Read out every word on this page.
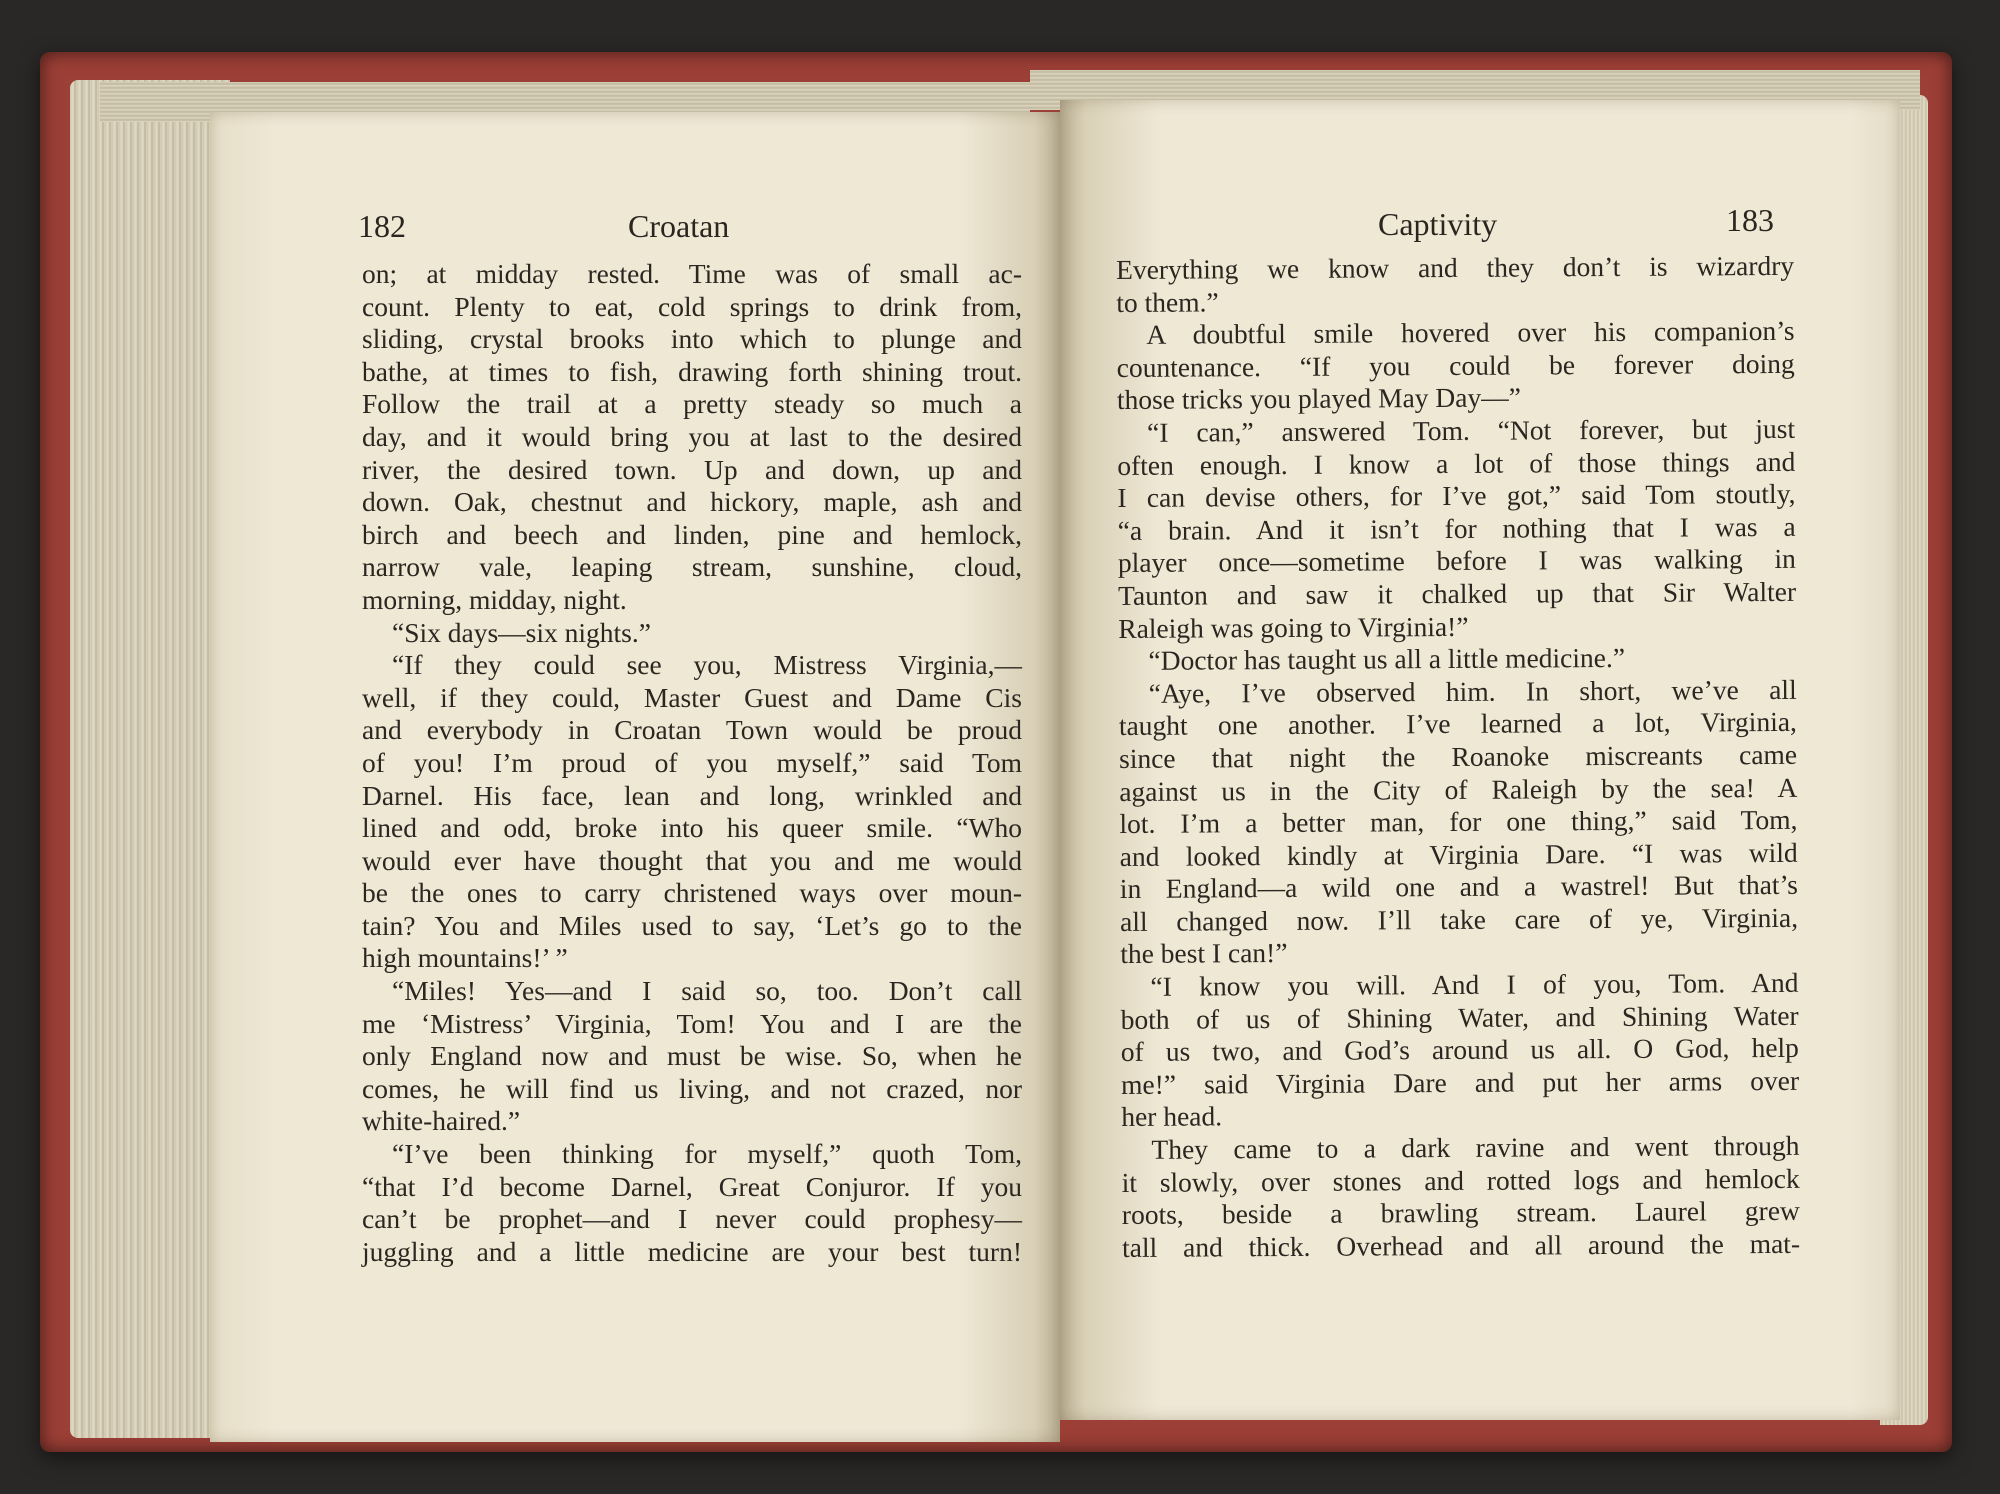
182	Croatan	Captivity	183
on; at midday rested. Time was of small ac-
count. Plenty to eat, cold springs to drink from,
sliding, crystal brooks into which to plunge and
bathe, at times to fish, drawing forth shining trout.
Follow the trail at a pretty steady so much a
day, and it would bring you at last to the desired
river, the desired town. Up and down, up and
down. Oak, chestnut and hickory, maple, ash and
birch and beech and linden, pine and hemlock,
narrow vale, leaping stream, sunshine, cloud,
morning, midday, night.
“Six days—six nights.”
“If they could see you, Mistress Virginia,—
well, if they could, Master Guest and Dame Cis
and everybody in Croatan Town would be proud
of you! I’m proud of you myself,” said Tom
Darnel. His face, lean and long, wrinkled and
lined and odd, broke into his queer smile. “Who
would ever have thought that you and me would
be the ones to carry christened ways over moun-
tain? You and Miles used to say, ‘Let’s go to the
high mountains!’ ”
“Miles! Yes—and I said so, too. Don’t call
me ‘Mistress’ Virginia, Tom! You and I are the
only England now and must be wise. So, when he
comes, he will find us living, and not crazed, nor
white-haired.”
“I’ve been thinking for myself,” quoth Tom,
“that I’d become Darnel, Great Conjuror. If you
can’t be prophet—and I never could prophesy—
juggling and a little medicine are your best turn!
Everything we know and they don’t is wizardry
to them.”
A doubtful smile hovered over his companion’s
countenance. “If you could be forever doing
those tricks you played May Day—”
“I can,” answered Tom. “Not forever, but just
often enough. I know a lot of those things and
I can devise others, for I’ve got,” said Tom stoutly,
“a brain. And it isn’t for nothing that I was a
player once—sometime before I was walking in
Taunton and saw it chalked up that Sir Walter
Raleigh was going to Virginia!”
“Doctor has taught us all a little medicine.”
“Aye, I’ve observed him. In short, we’ve all
taught one another. I’ve learned a lot, Virginia,
since that night the Roanoke miscreants came
against us in the City of Raleigh by the sea! A
lot. I’m a better man, for one thing,” said Tom,
and looked kindly at Virginia Dare. “I was wild
in England—a wild one and a wastrel! But that’s
all changed now. I’ll take care of ye, Virginia,
the best I can!”
“I know you will. And I of you, Tom. And
both of us of Shining Water, and Shining Water
of us two, and God’s around us all. O God, help
me!” said Virginia Dare and put her arms over
her head.
They came to a dark ravine and went through
it slowly, over stones and rotted logs and hemlock
roots, beside a brawling stream. Laurel grew
tall and thick. Overhead and all around the mat-
